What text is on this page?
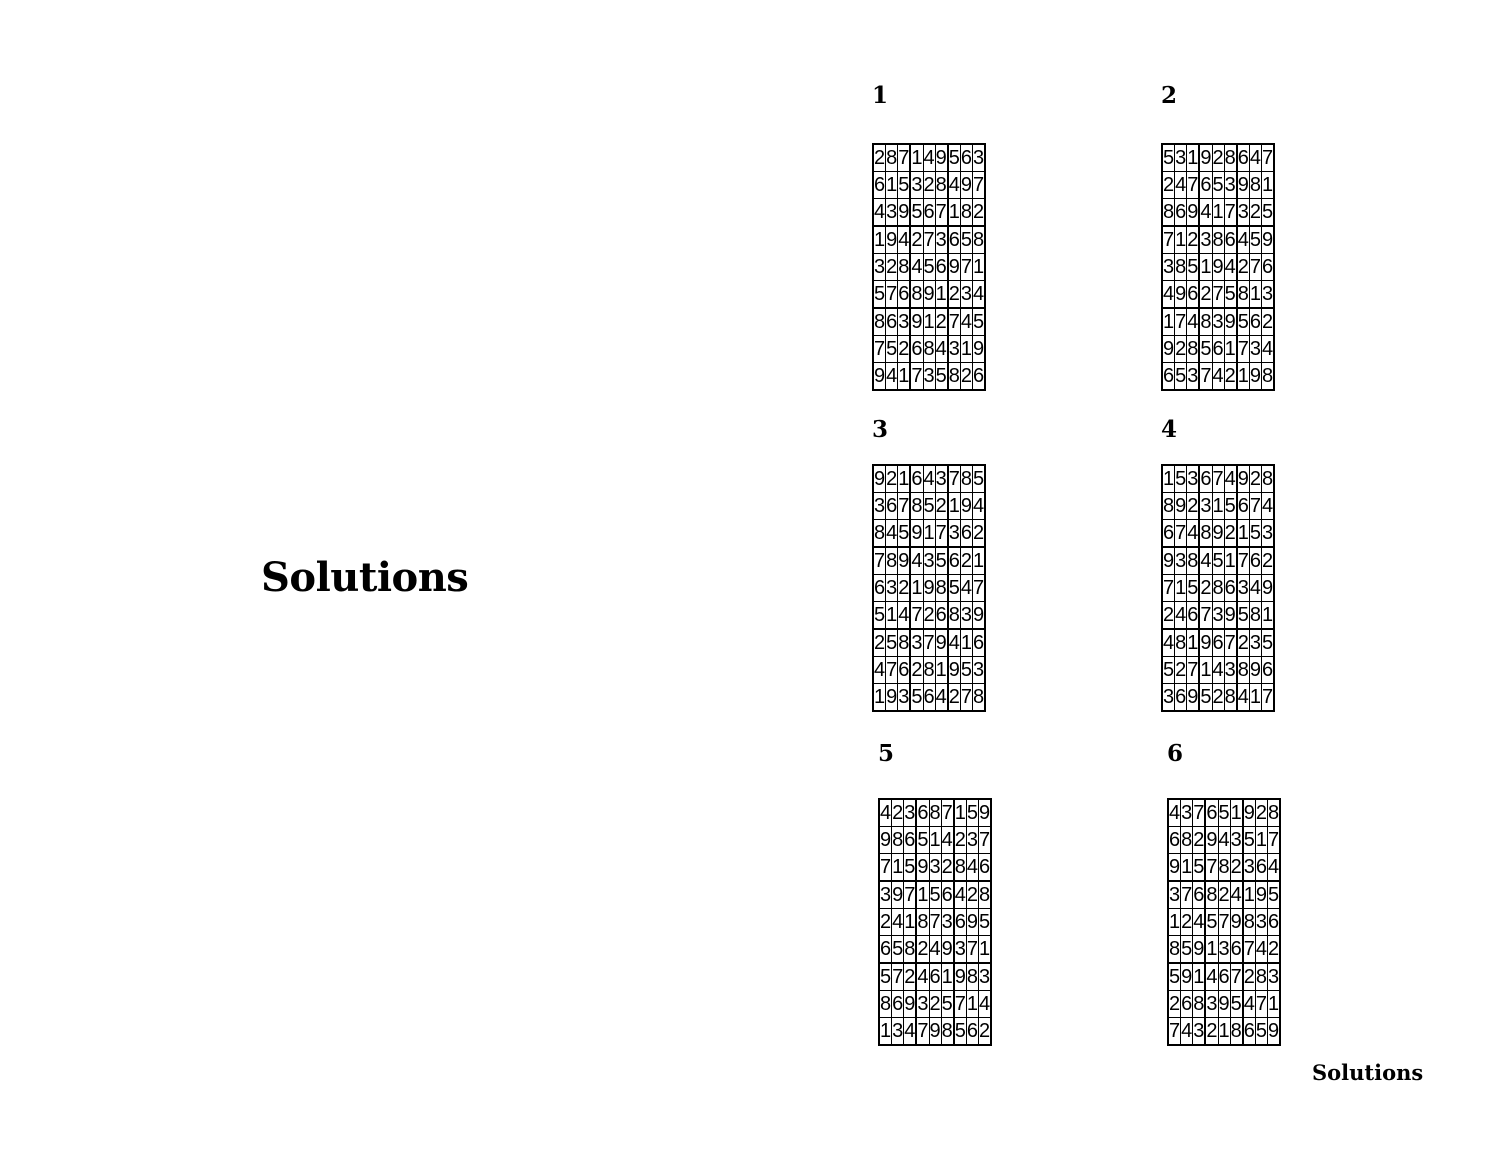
Solutions
1
2	8	7	1	4	9	5	6	3
6	1	5	3	2	8	4	9	7
4	3	9	5	6	7	1	8	2
1	9	4	2	7	3	6	5	8
3	2	8	4	5	6	9	7	1
5	7	6	8	9	1	2	3	4
8	6	3	9	1	2	7	4	5
7	5	2	6	8	4	3	1	9
9	4	1	7	3	5	8	2	6
2
5	3	1	9	2	8	6	4	7
2	4	7	6	5	3	9	8	1
8	6	9	4	1	7	3	2	5
7	1	2	3	8	6	4	5	9
3	8	5	1	9	4	2	7	6
4	9	6	2	7	5	8	1	3
1	7	4	8	3	9	5	6	2
9	2	8	5	6	1	7	3	4
6	5	3	7	4	2	1	9	8
3
9	2	1	6	4	3	7	8	5
3	6	7	8	5	2	1	9	4
8	4	5	9	1	7	3	6	2
7	8	9	4	3	5	6	2	1
6	3	2	1	9	8	5	4	7
5	1	4	7	2	6	8	3	9
2	5	8	3	7	9	4	1	6
4	7	6	2	8	1	9	5	3
1	9	3	5	6	4	2	7	8
4
1	5	3	6	7	4	9	2	8
8	9	2	3	1	5	6	7	4
6	7	4	8	9	2	1	5	3
9	3	8	4	5	1	7	6	2
7	1	5	2	8	6	3	4	9
2	4	6	7	3	9	5	8	1
4	8	1	9	6	7	2	3	5
5	2	7	1	4	3	8	9	6
3	6	9	5	2	8	4	1	7
5
4	2	3	6	8	7	1	5	9
9	8	6	5	1	4	2	3	7
7	1	5	9	3	2	8	4	6
3	9	7	1	5	6	4	2	8
2	4	1	8	7	3	6	9	5
6	5	8	2	4	9	3	7	1
5	7	2	4	6	1	9	8	3
8	6	9	3	2	5	7	1	4
1	3	4	7	9	8	5	6	2
6
4	3	7	6	5	1	9	2	8
6	8	2	9	4	3	5	1	7
9	1	5	7	8	2	3	6	4
3	7	6	8	2	4	1	9	5
1	2	4	5	7	9	8	3	6
8	5	9	1	3	6	7	4	2
5	9	1	4	6	7	2	8	3
2	6	8	3	9	5	4	7	1
7	4	3	2	1	8	6	5	9
Solutions
